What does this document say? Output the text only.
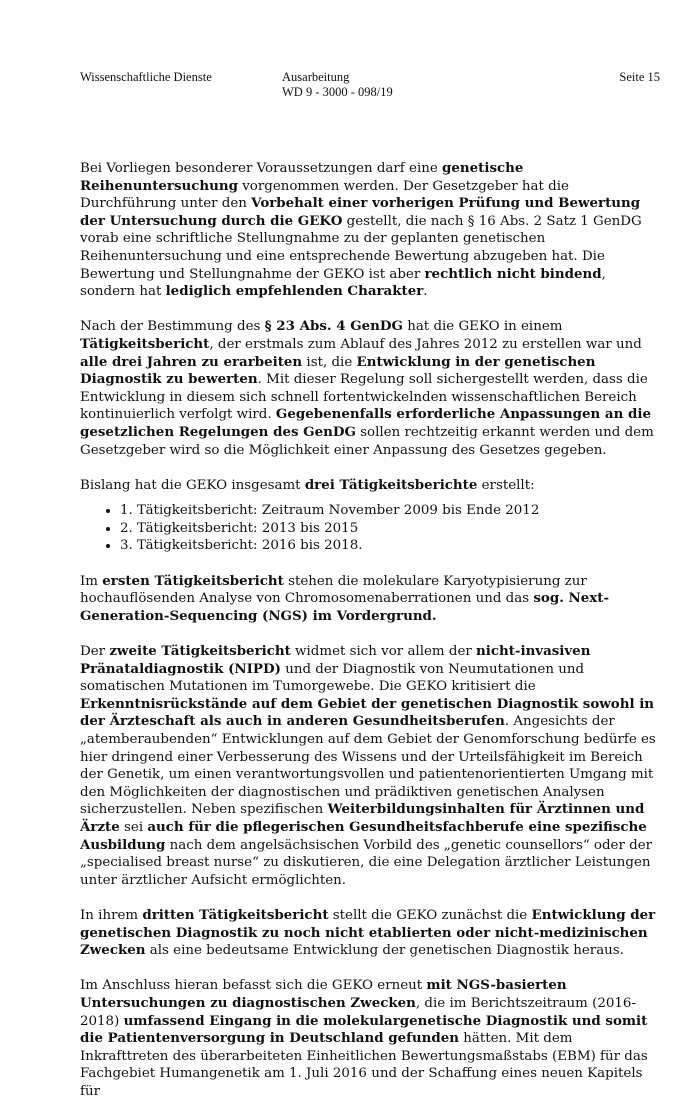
Wissenschaftliche Dienste	Ausarbeitung
WD 9 - 3000 - 098/19
Seite 15

Bei Vorliegen besonderer Voraussetzungen darf eine genetische Reihenuntersuchung vorgenommen werden. Der Gesetzgeber hat die Durchführung unter den Vorbehalt einer vorherigen Prüfung und Bewertung der Untersuchung durch die GEKO gestellt, die nach § 16 Abs. 2 Satz 1 GenDG vorab eine schriftliche Stellungnahme zu der geplanten genetischen Reihenuntersuchung und eine entsprechende Bewertung abzugeben hat. Die Bewertung und Stellungnahme der GEKO ist aber rechtlich nicht bindend, sondern hat lediglich empfehlenden Charakter.

Nach der Bestimmung des § 23 Abs. 4 GenDG hat die GEKO in einem Tätigkeitsbericht, der erstmals zum Ablauf des Jahres 2012 zu erstellen war und alle drei Jahren zu erarbeiten ist, die Entwicklung in der genetischen Diagnostik zu bewerten. Mit dieser Regelung soll sichergestellt werden, dass die Entwicklung in diesem sich schnell fortentwickelnden wissenschaftlichen Bereich kontinuierlich verfolgt wird. Gegebenenfalls erforderliche Anpassungen an die gesetzlichen Regelungen des GenDG sollen rechtzeitig erkannt werden und dem Gesetzgeber wird so die Möglichkeit einer Anpassung des Gesetzes gegeben.

Bislang hat die GEKO insgesamt drei Tätigkeitsberichte erstellt:

• 1. Tätigkeitsbericht: Zeitraum November 2009 bis Ende 2012
• 2. Tätigkeitsbericht: 2013 bis 2015
• 3. Tätigkeitsbericht: 2016 bis 2018.

Im ersten Tätigkeitsbericht stehen die molekulare Karyotypisierung zur hochauflösenden Analyse von Chromosomenaberrationen und das sog. Next-Generation-Sequencing (NGS) im Vordergrund.

Der zweite Tätigkeitsbericht widmet sich vor allem der nicht-invasiven Pränataldiagnostik (NIPD) und der Diagnostik von Neumutationen und somatischen Mutationen im Tumorgewebe. Die GEKO kritisiert die Erkenntnisrückstände auf dem Gebiet der genetischen Diagnostik sowohl in der Ärzteschaft als auch in anderen Gesundheitsberufen. Angesichts der „atemberaubenden“ Entwicklungen auf dem Gebiet der Genomforschung bedürfe es hier dringend einer Verbesserung des Wissens und der Urteilsfähigkeit im Bereich der Genetik, um einen verantwortungsvollen und patientenorientierten Umgang mit den Möglichkeiten der diagnostischen und prädiktiven genetischen Analysen sicherzustellen. Neben spezifischen Weiterbildungsinhalten für Ärztinnen und Ärzte sei auch für die pflegerischen Gesundheitsfachberufe eine spezifische Ausbildung nach dem angelsächsischen Vorbild des „genetic counsellors“ oder der „specialised breast nurse“ zu diskutieren, die eine Delegation ärztlicher Leistungen unter ärztlicher Aufsicht ermöglichten.

In ihrem dritten Tätigkeitsbericht stellt die GEKO zunächst die Entwicklung der genetischen Diagnostik zu noch nicht etablierten oder nicht-medizinischen Zwecken als eine bedeutsame Entwicklung der genetischen Diagnostik heraus.

Im Anschluss hieran befasst sich die GEKO erneut mit NGS-basierten Untersuchungen zu diagnostischen Zwecken, die im Berichtszeitraum (2016-2018) umfassend Eingang in die molekulargenetische Diagnostik und somit die Patientenversorgung in Deutschland gefunden hätten. Mit dem Inkrafttreten des überarbeiteten Einheitlichen Bewertungsmaßstabs (EBM) für das Fachgebiet Humangenetik am 1. Juli 2016 und der Schaffung eines neuen Kapitels für
